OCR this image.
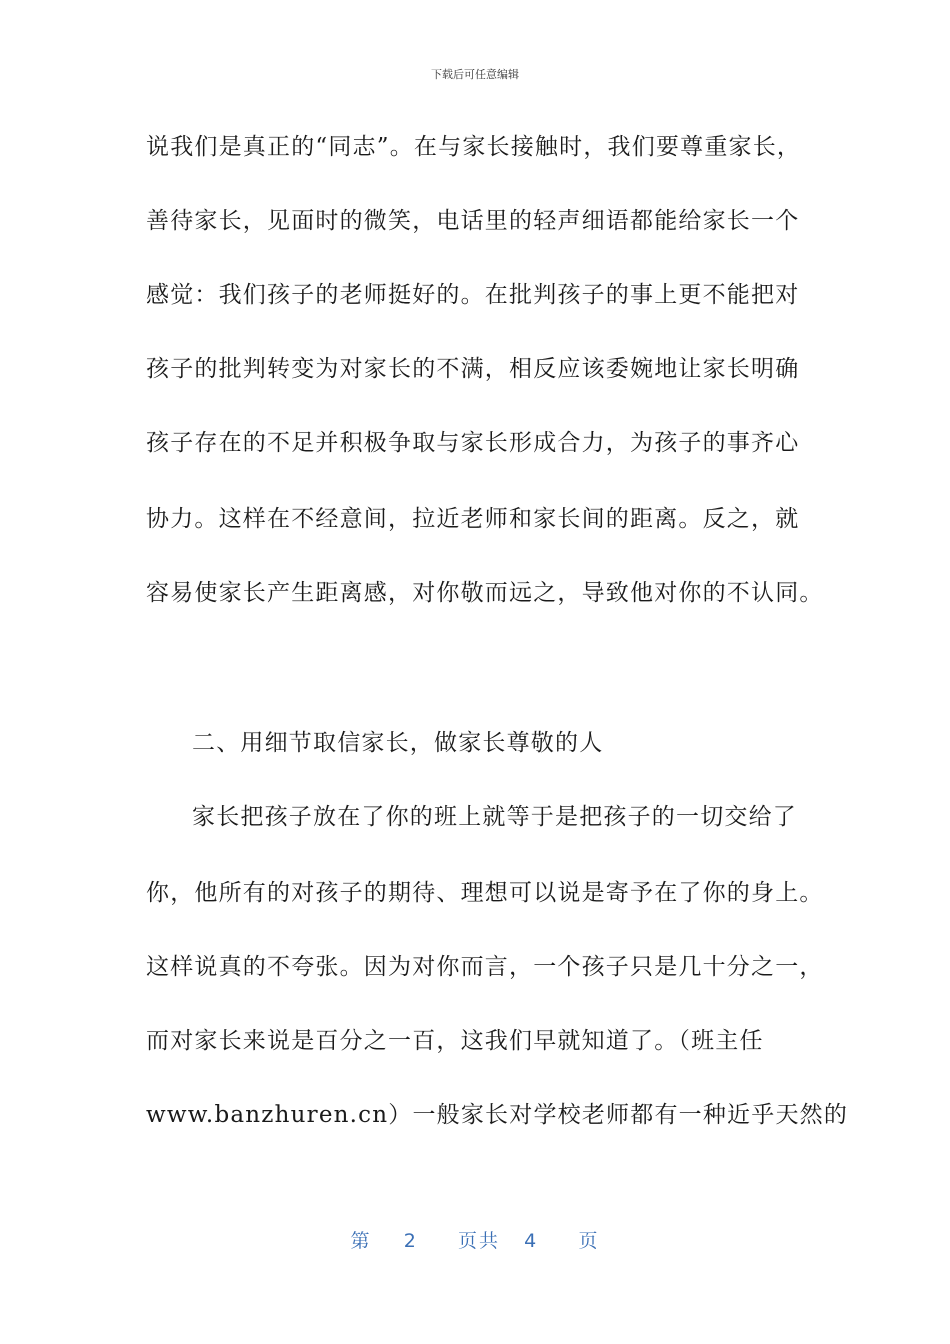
下载后可任意编辑
说我们是真正的“同志”。在与家长接触时，我们要尊重家长，
善待家长，见面时的微笑，电话里的轻声细语都能给家长一个
感觉：我们孩子的老师挺好的。在批判孩子的事上更不能把对
孩子的批判转变为对家长的不满，相反应该委婉地让家长明确
孩子存在的不足并积极争取与家长形成合力，为孩子的事齐心
协力。这样在不经意间，拉近老师和家长间的距离。反之，就
容易使家长产生距离感，对你敬而远之，导致他对你的不认同。
二、用细节取信家长，做家长尊敬的人
家长把孩子放在了你的班上就等于是把孩子的一切交给了
你，他所有的对孩子的期待、理想可以说是寄予在了你的身上。
这样说真的不夸张。因为对你而言，一个孩子只是几十分之一，
而对家长来说是百分之一百，这我们早就知道了。（班主任
www.banzhuren.cn）一般家长对学校老师都有一种近乎天然的
第 2 页共 4 页
